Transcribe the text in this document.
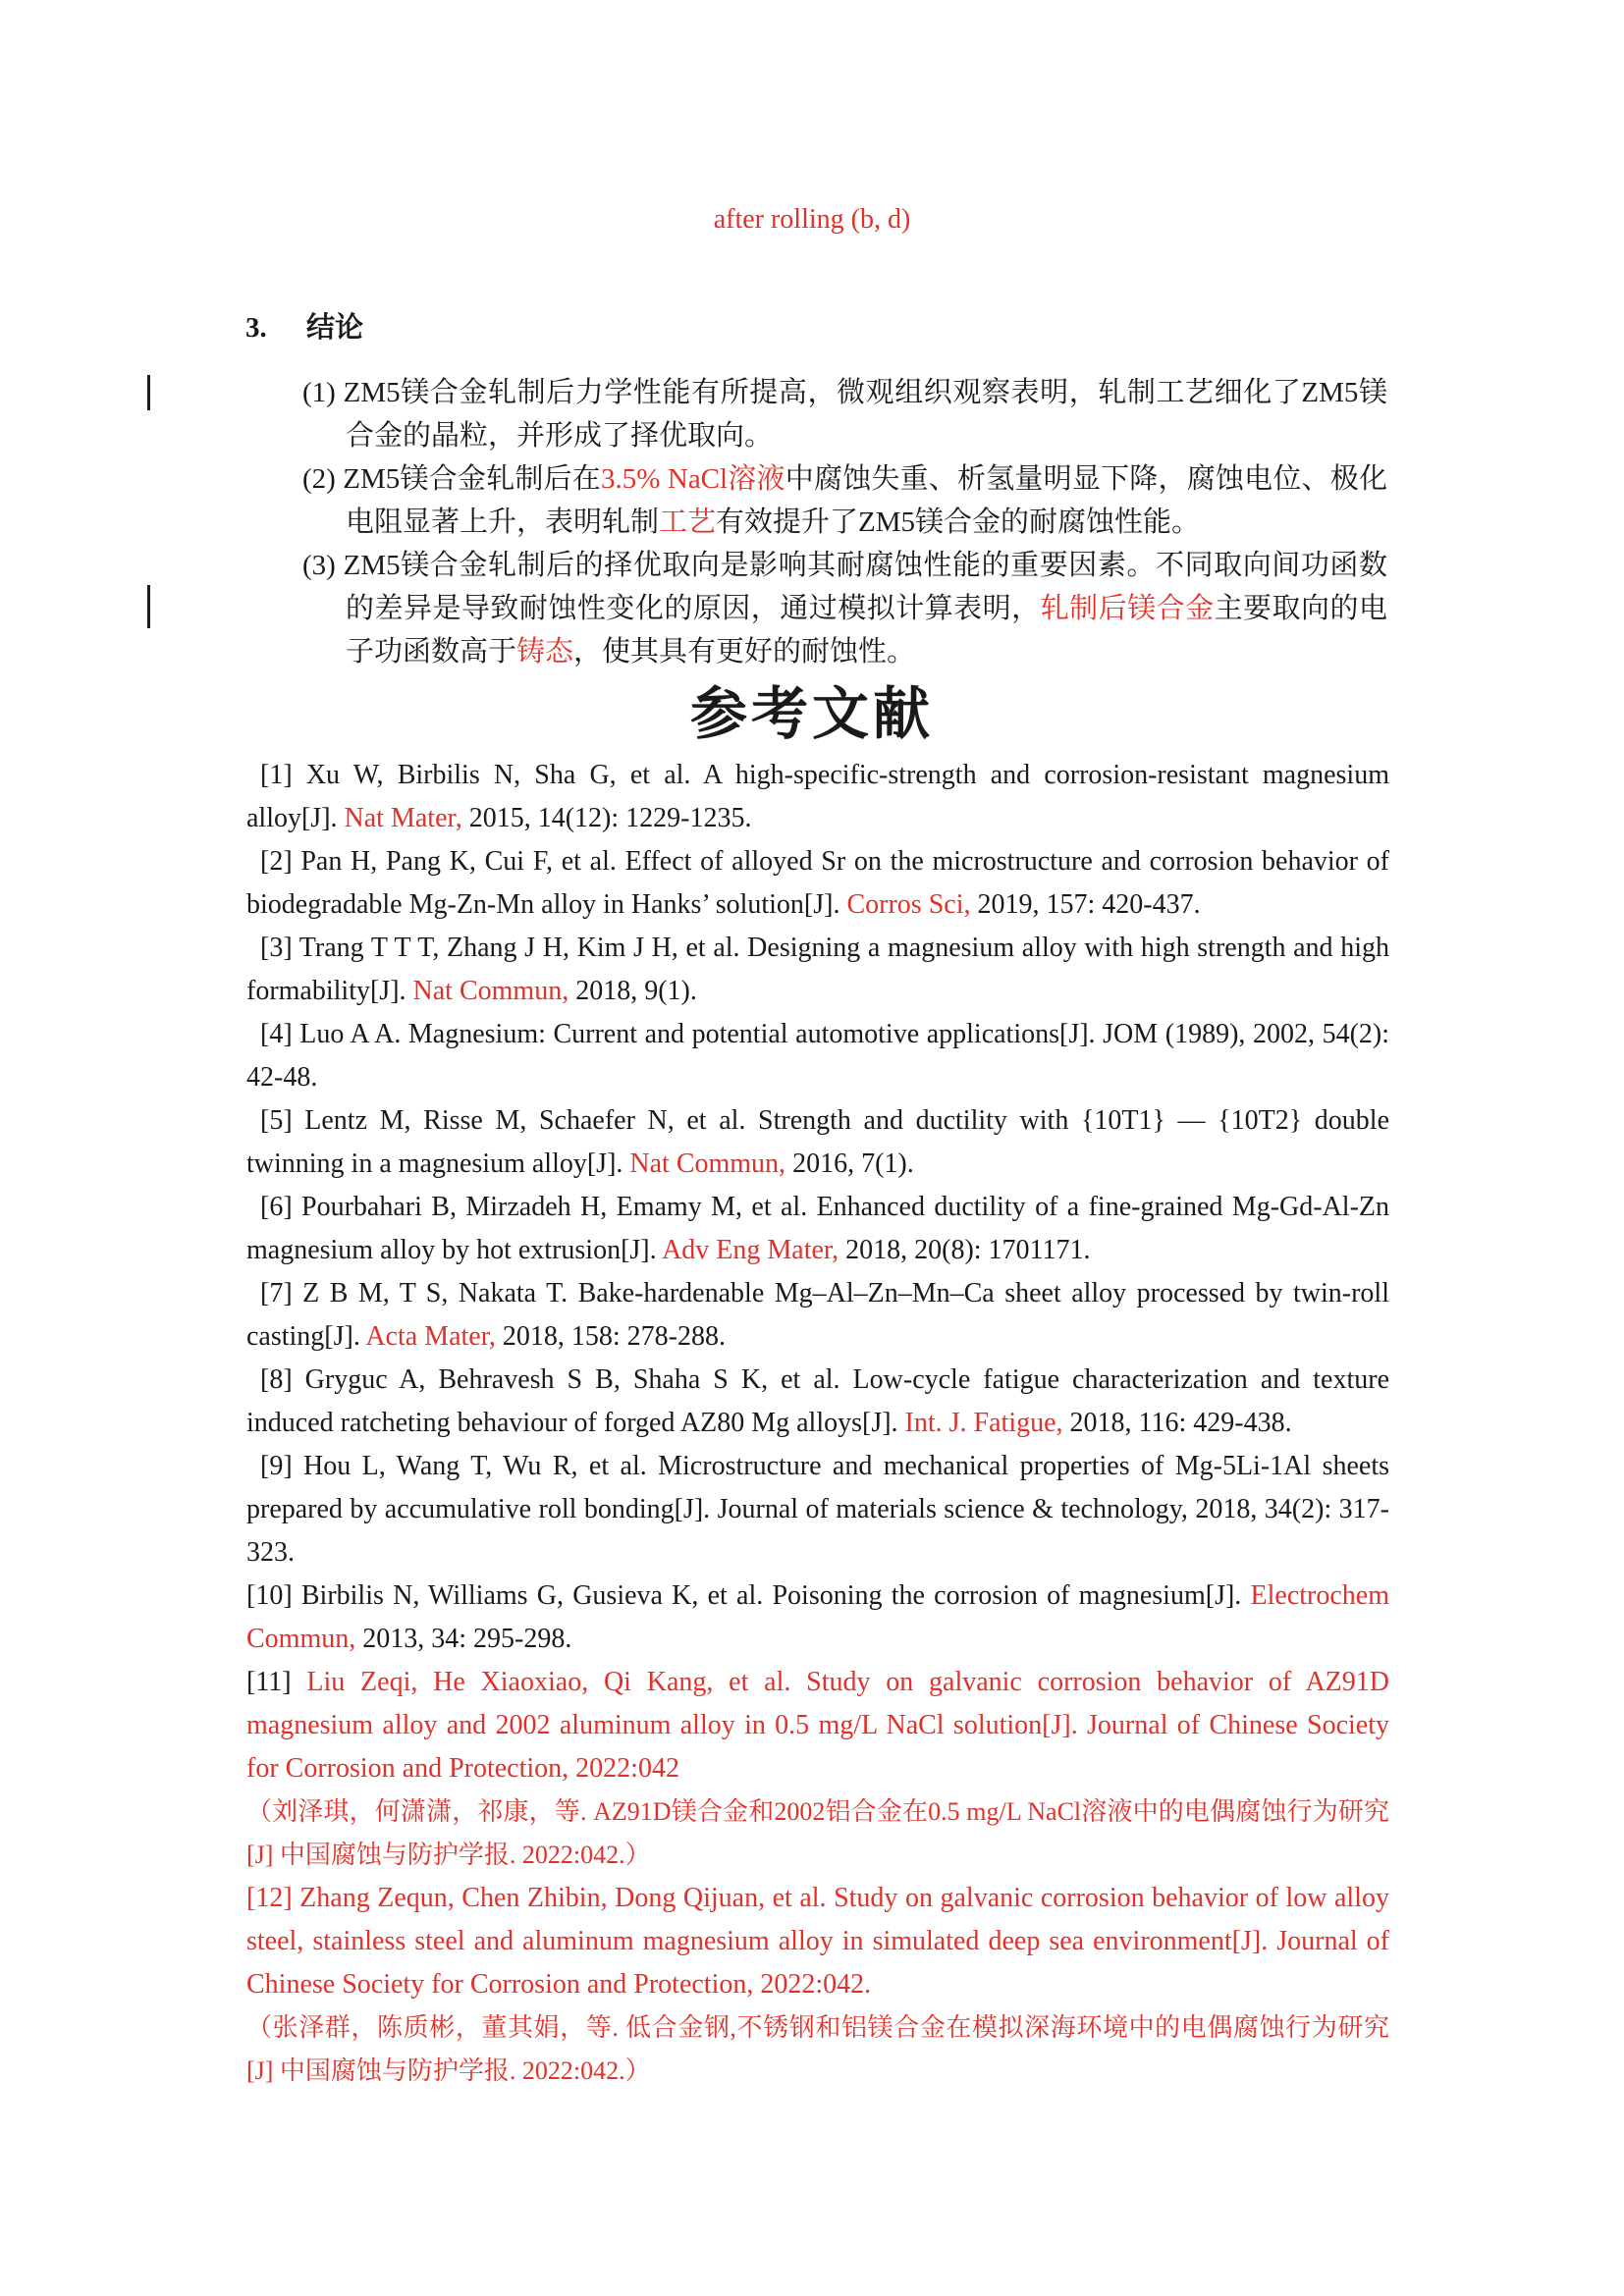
after rolling (b, d)
3. 结论

(1) ZM5镁合金轧制后力学性能有所提高，微观组织观察表明，轧制工艺细化了ZM5镁合金的晶粒，并形成了择优取向。

(2) ZM5镁合金轧制后在3.5% NaCl溶液中腐蚀失重、析氢量明显下降，腐蚀电位、极化电阻显著上升，表明轧制工艺有效提升了ZM5镁合金的耐腐蚀性能。

(3) ZM5镁合金轧制后的择优取向是影响其耐腐蚀性能的重要因素。不同取向间功函数的差异是导致耐蚀性变化的原因，通过模拟计算表明，轧制后镁合金主要取向的电子功函数高于铸态，使其具有更好的耐蚀性。

参考文献

[1] Xu W, Birbilis N, Sha G, et al. A high-specific-strength and corrosion-resistant magnesium alloy[J]. Nat Mater, 2015, 14(12): 1229-1235.

[2] Pan H, Pang K, Cui F, et al. Effect of alloyed Sr on the microstructure and corrosion behavior of biodegradable Mg-Zn-Mn alloy in Hanks’ solution[J]. Corros Sci, 2019, 157: 420-437.

[3] Trang T T T, Zhang J H, Kim J H, et al. Designing a magnesium alloy with high strength and high formability[J]. Nat Commun, 2018, 9(1).

[4] Luo A A. Magnesium: Current and potential automotive applications[J]. JOM (1989), 2002, 54(2): 42-48.

[5] Lentz M, Risse M, Schaefer N, et al. Strength and ductility with {10T1} — {10T2} double twinning in a magnesium alloy[J]. Nat Commun, 2016, 7(1).

[6] Pourbahari B, Mirzadeh H, Emamy M, et al. Enhanced ductility of a fine-grained Mg-Gd-Al-Zn magnesium alloy by hot extrusion[J]. Adv Eng Mater, 2018, 20(8): 1701171.

[7] Z B M, T S, Nakata T. Bake-hardenable Mg–Al–Zn–Mn–Ca sheet alloy processed by twin-roll casting[J]. Acta Mater, 2018, 158: 278-288.

[8] Gryguc A, Behravesh S B, Shaha S K, et al. Low-cycle fatigue characterization and texture induced ratcheting behaviour of forged AZ80 Mg alloys[J]. Int. J. Fatigue, 2018, 116: 429-438.

[9] Hou L, Wang T, Wu R, et al. Microstructure and mechanical properties of Mg-5Li-1Al sheets prepared by accumulative roll bonding[J]. Journal of materials science & technology, 2018, 34(2): 317-323.

[10] Birbilis N, Williams G, Gusieva K, et al. Poisoning the corrosion of magnesium[J]. Electrochem Commun, 2013, 34: 295-298.

[11] Liu Zeqi, He Xiaoxiao, Qi Kang, et al. Study on galvanic corrosion behavior of AZ91D magnesium alloy and 2002 aluminum alloy in 0.5 mg/L NaCl solution[J]. Journal of Chinese Society for Corrosion and Protection, 2022:042

（刘泽琪，何潇潇，祁康，等. AZ91D镁合金和2002铝合金在0.5 mg/L NaCl溶液中的电偶腐蚀行为研究[J] 中国腐蚀与防护学报. 2022:042.）

[12] Zhang Zequn, Chen Zhibin, Dong Qijuan, et al. Study on galvanic corrosion behavior of low alloy steel, stainless steel and aluminum magnesium alloy in simulated deep sea environment[J]. Journal of Chinese Society for Corrosion and Protection, 2022:042.

（张泽群，陈质彬，董其娟，等. 低合金钢,不锈钢和铝镁合金在模拟深海环境中的电偶腐蚀行为研究[J] 中国腐蚀与防护学报. 2022:042.）
